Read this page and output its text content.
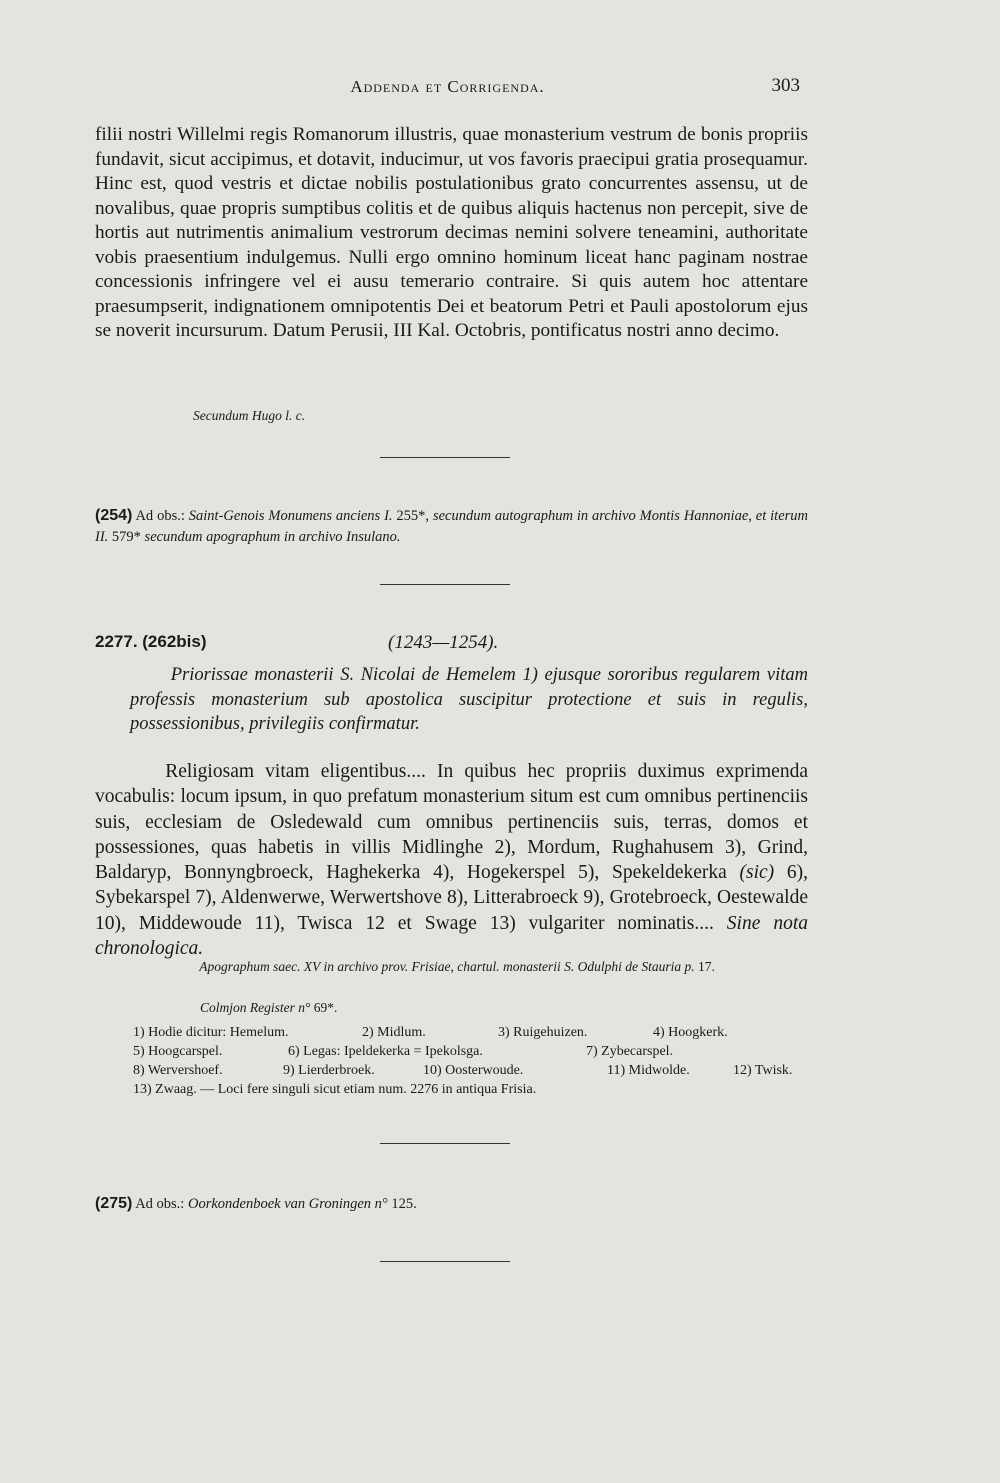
Addenda et Corrigenda.	303

filii nostri Willelmi regis Romanorum illustris, quae monasterium vestrum de bonis propriis fundavit, sicut accipimus, et dotavit, inducimur, ut vos favoris praecipui gratia prosequamur. Hinc est, quod vestris et dictae nobilis postulationibus grato concurrentes assensu, ut de novalibus, quae propris sumptibus colitis et de quibus aliquis hactenus non percepit, sive de hortis aut nutrimentis animalium vestrorum decimas nemini solvere teneamini, authoritate vobis praesentium indulgemus. Nulli ergo omnino hominum liceat hanc paginam nostrae concessionis infringere vel ei ausu temerario contraire. Si quis autem hoc attentare praesumpserit, indignationem omnipotentis Dei et beatorum Petri et Pauli apostolorum ejus se noverit incursurum. Datum Perusii, III Kal. Octobris, pontificatus nostri anno decimo.

Secundum Hugo l. c.
(254) Ad obs.: Saint-Genois Monumens anciens I. 255*, secundum autographum in archivo Montis Hannoniae, et iterum II. 579* secundum apographum in archivo Insulano.
2277. (262bis)	(1243—1254).

Priorissae monasterii S. Nicolai de Hemelem 1) ejusque sororibus regularem vitam professis monasterium sub apostolica suscipitur protectione et suis in regulis, possessionibus, privilegiis confirmatur.

Religiosam vitam eligentibus.... In quibus hec propriis duximus exprimenda vocabulis: locum ipsum, in quo prefatum monasterium situm est cum omnibus pertinenciis suis, ecclesiam de Osledewald cum omnibus pertinenciis suis, terras, domos et possessiones, quas habetis in villis Midlinghe 2), Mordum, Rughahusem 3), Grind, Baldaryp, Bonnyngbroeck, Haghekerka 4), Hogekerspel 5), Spekeldekerka (sic) 6), Sybekarspel 7), Aldenwerwe, Werwertshove 8), Litterabroeck 9), Grotebroeck, Oestewalde 10), Middewoude 11), Twisca 12 et Swage 13) vulgariter nominatis.... Sine nota chronologica.

Apographum saec. XV in archivo prov. Frisiae, chartul. monasterii S. Odulphi de Stauria p. 17.
Colmjon Register n° 69*.
1) Hodie dicitur: Hemelum.	2) Midlum.	3) Ruigehuizen.	4) Hoogkerk.
5) Hoogcarspel.	6) Legas: Ipeldekerka = Ipekolsga.	7) Zybecarspel.
8) Wervershoef.	9) Lierderbroek.	10) Oosterwoude.	11) Midwolde.	12) Twisk.
13) Zwaag. — Loci fere singuli sicut etiam num. 2276 in antiqua Frisia.
(275) Ad obs.: Oorkondenboek van Groningen n° 125.
